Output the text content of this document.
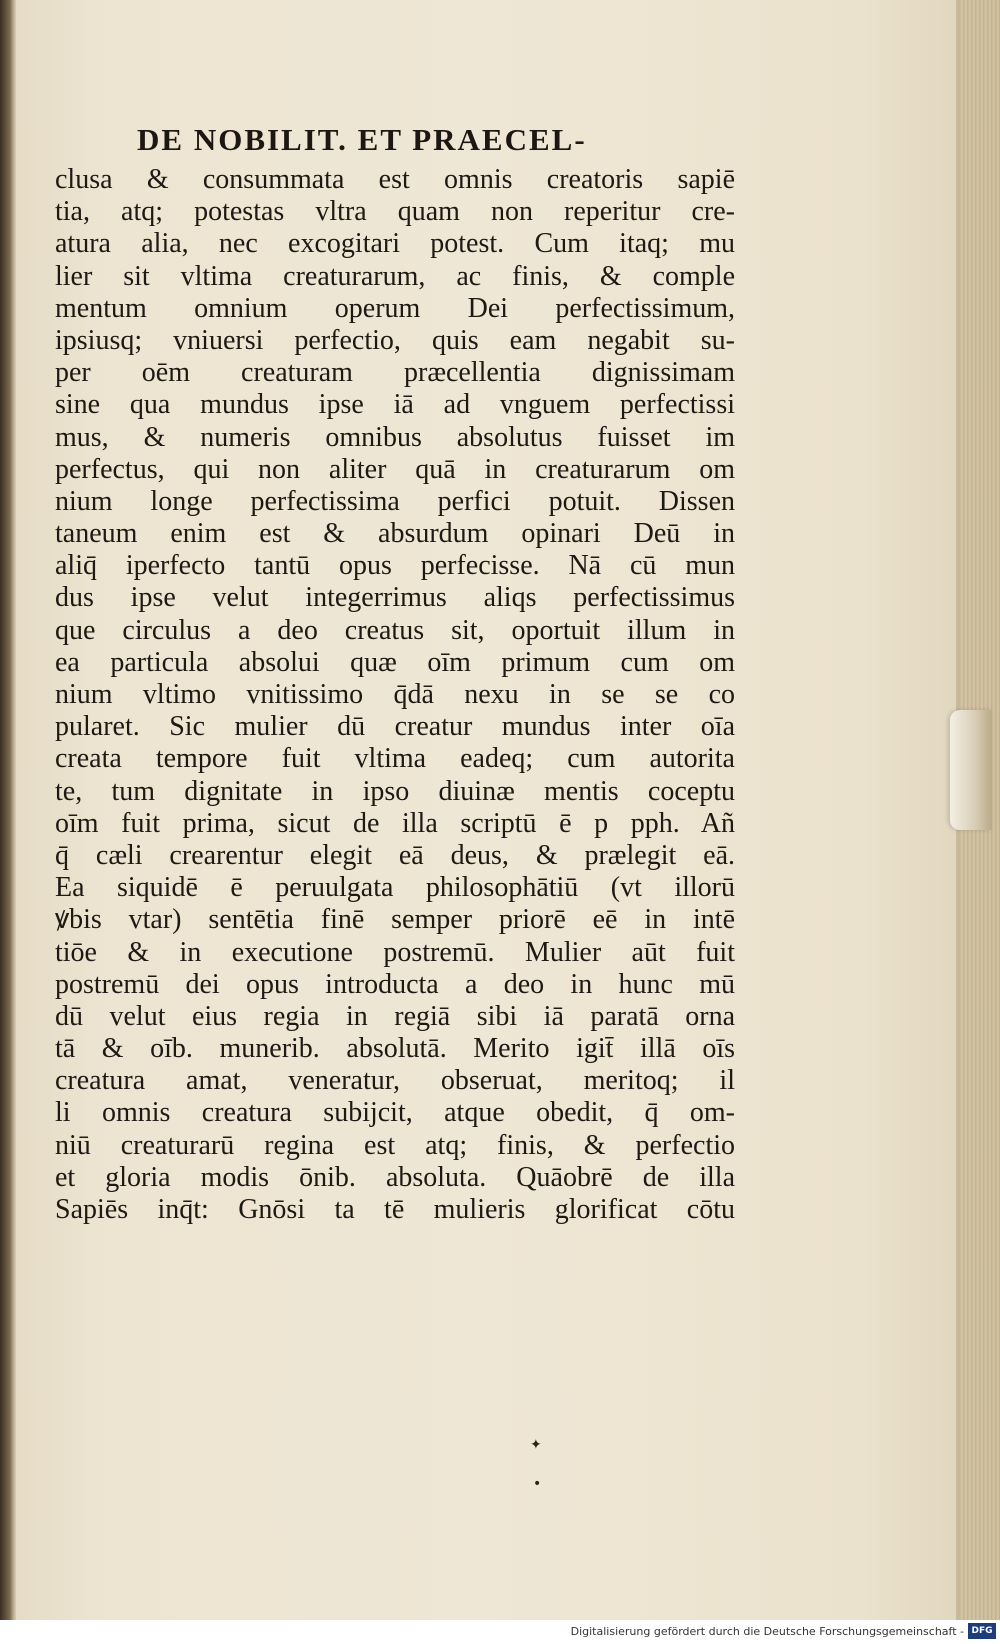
DE NOBILIT. ET PRAECEL-
clusa & consummata est omnis creatoris sapiē
tia, atq; potestas vltra quam non reperitur cre-
atura alia, nec excogitari potest. Cum itaq; mu
lier sit vltima creaturarum, ac finis, & comple
mentum omnium operum Dei perfectissimum,
ipsiusq; vniuersi perfectio, quis eam negabit su-
per oēm creaturam præcellentia dignissimam
sine qua mundus ipse iā ad vnguem perfectissi
mus, & numeris omnibus absolutus fuisset im
perfectus, qui non aliter quā in creaturarum om
nium longe perfectissima perfici potuit. Dissen
taneum enim est & absurdum opinari Deū in
aliq̄ iperfecto tantū opus perfecisse. Nā cū mun
dus ipse velut integerrimus aliqs perfectissimus
que circulus a deo creatus sit, oportuit illum in
ea particula absolui quæ oīm primum cum om
nium vltimo vnitissimo q̄dā nexu in se se co
pularet. Sic mulier dū creatur mundus inter oīa
creata tempore fuit vltima eadeq; cum autorita
te, tum dignitate in ipso diuinæ mentis coceptu
oīm fuit prima, sicut de illa scriptū ē p pph. Añ
q̄ cæli crearentur elegit eā deus, & prælegit eā.
Ea siquidē ē peruulgata philosophātiū (vt illorū
ꝟbis vtar) sentētia finē semper priorē eē in intē
tiōe & in executione postremū. Mulier aūt fuit
postremū dei opus introducta a deo in hunc mū
dū velut eius regia in regiā sibi iā paratā orna
tā & oīb. munerib. absolutā. Merito igit̄ illā oīs
creatura amat, veneratur, obseruat, meritoq; il
li omnis creatura subijcit, atque obedit, q̄ om-
niū creaturarū regina est atq; finis, & perfectio
et gloria modis ōnib. absoluta. Quāobrē de illa
Sapiēs inq̄t: Gnōsi ta tē mulieris glorificat cōtu
✦
•
Digitalisierung gefördert durch die Deutsche Forschungsgemeinschaft - DFG
